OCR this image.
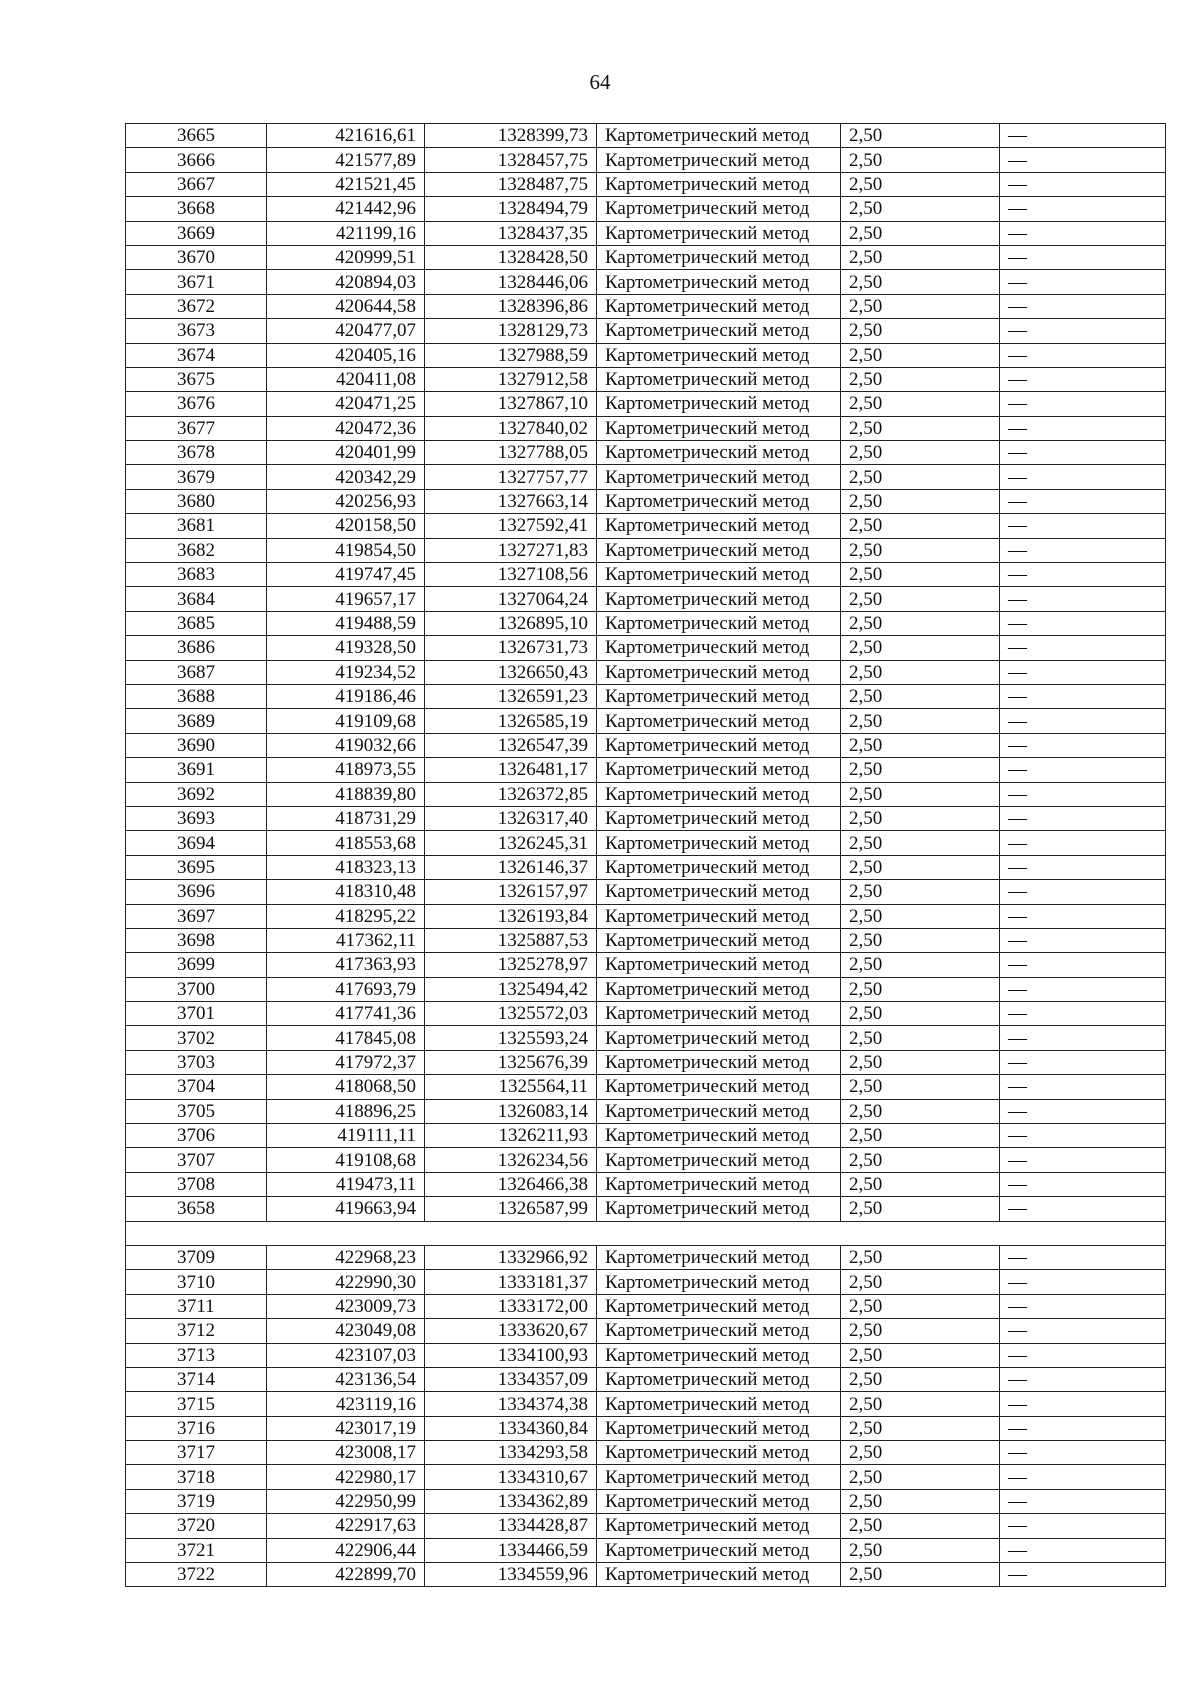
64
3665	421616,61	1328399,73	Картометрический метод	2,50	—
3666	421577,89	1328457,75	Картометрический метод	2,50	—
3667	421521,45	1328487,75	Картометрический метод	2,50	—
3668	421442,96	1328494,79	Картометрический метод	2,50	—
3669	421199,16	1328437,35	Картометрический метод	2,50	—
3670	420999,51	1328428,50	Картометрический метод	2,50	—
3671	420894,03	1328446,06	Картометрический метод	2,50	—
3672	420644,58	1328396,86	Картометрический метод	2,50	—
3673	420477,07	1328129,73	Картометрический метод	2,50	—
3674	420405,16	1327988,59	Картометрический метод	2,50	—
3675	420411,08	1327912,58	Картометрический метод	2,50	—
3676	420471,25	1327867,10	Картометрический метод	2,50	—
3677	420472,36	1327840,02	Картометрический метод	2,50	—
3678	420401,99	1327788,05	Картометрический метод	2,50	—
3679	420342,29	1327757,77	Картометрический метод	2,50	—
3680	420256,93	1327663,14	Картометрический метод	2,50	—
3681	420158,50	1327592,41	Картометрический метод	2,50	—
3682	419854,50	1327271,83	Картометрический метод	2,50	—
3683	419747,45	1327108,56	Картометрический метод	2,50	—
3684	419657,17	1327064,24	Картометрический метод	2,50	—
3685	419488,59	1326895,10	Картометрический метод	2,50	—
3686	419328,50	1326731,73	Картометрический метод	2,50	—
3687	419234,52	1326650,43	Картометрический метод	2,50	—
3688	419186,46	1326591,23	Картометрический метод	2,50	—
3689	419109,68	1326585,19	Картометрический метод	2,50	—
3690	419032,66	1326547,39	Картометрический метод	2,50	—
3691	418973,55	1326481,17	Картометрический метод	2,50	—
3692	418839,80	1326372,85	Картометрический метод	2,50	—
3693	418731,29	1326317,40	Картометрический метод	2,50	—
3694	418553,68	1326245,31	Картометрический метод	2,50	—
3695	418323,13	1326146,37	Картометрический метод	2,50	—
3696	418310,48	1326157,97	Картометрический метод	2,50	—
3697	418295,22	1326193,84	Картометрический метод	2,50	—
3698	417362,11	1325887,53	Картометрический метод	2,50	—
3699	417363,93	1325278,97	Картометрический метод	2,50	—
3700	417693,79	1325494,42	Картометрический метод	2,50	—
3701	417741,36	1325572,03	Картометрический метод	2,50	—
3702	417845,08	1325593,24	Картометрический метод	2,50	—
3703	417972,37	1325676,39	Картометрический метод	2,50	—
3704	418068,50	1325564,11	Картометрический метод	2,50	—
3705	418896,25	1326083,14	Картометрический метод	2,50	—
3706	419111,11	1326211,93	Картометрический метод	2,50	—
3707	419108,68	1326234,56	Картометрический метод	2,50	—
3708	419473,11	1326466,38	Картометрический метод	2,50	—
3658	419663,94	1326587,99	Картометрический метод	2,50	—

3709	422968,23	1332966,92	Картометрический метод	2,50	—
3710	422990,30	1333181,37	Картометрический метод	2,50	—
3711	423009,73	1333172,00	Картометрический метод	2,50	—
3712	423049,08	1333620,67	Картометрический метод	2,50	—
3713	423107,03	1334100,93	Картометрический метод	2,50	—
3714	423136,54	1334357,09	Картометрический метод	2,50	—
3715	423119,16	1334374,38	Картометрический метод	2,50	—
3716	423017,19	1334360,84	Картометрический метод	2,50	—
3717	423008,17	1334293,58	Картометрический метод	2,50	—
3718	422980,17	1334310,67	Картометрический метод	2,50	—
3719	422950,99	1334362,89	Картометрический метод	2,50	—
3720	422917,63	1334428,87	Картометрический метод	2,50	—
3721	422906,44	1334466,59	Картометрический метод	2,50	—
3722	422899,70	1334559,96	Картометрический метод	2,50	—
